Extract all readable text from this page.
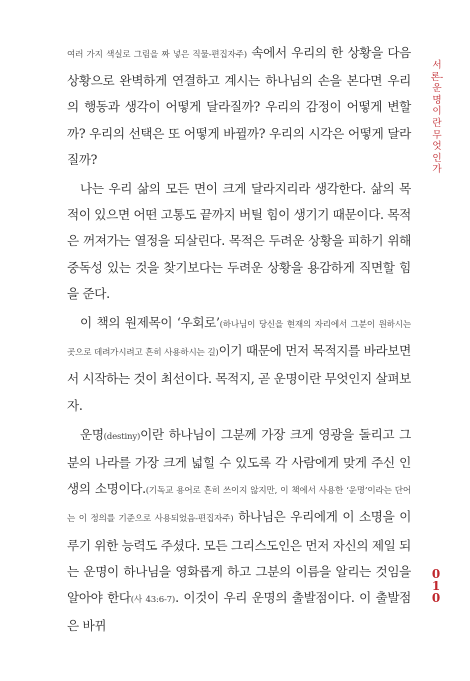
서론-운명이란무엇인가

여러 가지 색실로 그림을 짜 넣은 직물-편집자주) 속에서 우리의 한 상황을 다음 상황으로 완벽하게 연결하고 계시는 하나님의 손을 본다면 우리의 행동과 생각이 어떻게 달라질까? 우리의 감정이 어떻게 변할까? 우리의 선택은 또 어떻게 바뀔까? 우리의 시각은 어떻게 달라질까?

나는 우리 삶의 모든 면이 크게 달라지리라 생각한다. 삶의 목적이 있으면 어떤 고통도 끝까지 버틸 힘이 생기기 때문이다. 목적은 꺼져가는 열정을 되살린다. 목적은 두려운 상황을 피하기 위해 중독성 있는 것을 찾기보다는 두려운 상황을 용감하게 직면할 힘을 준다.

이 책의 원제목이 ‘우회로’(하나님이 당신을 현재의 자리에서 그분이 원하시는 곳으로 데려가시려고 흔히 사용하시는 길)이기 때문에 먼저 목적지를 바라보면서 시작하는 것이 최선이다. 목적지, 곧 운명이란 무엇인지 살펴보자.

운명(destiny)이란 하나님이 그분께 가장 크게 영광을 돌리고 그분의 나라를 가장 크게 넓힐 수 있도록 각 사람에게 맞게 주신 인생의 소명이다.(기독교 용어로 흔히 쓰이지 않지만, 이 책에서 사용한 ‘운명’이라는 단어는 이 정의를 기준으로 사용되었음-편집자주) 하나님은 우리에게 이 소명을 이루기 위한 능력도 주셨다. 모든 그리스도인은 먼저 자신의 제일 되는 운명이 하나님을 영화롭게 하고 그분의 이름을 알리는 것임을 알아야 한다(사 43:6-7). 이것이 우리 운명의 출발점이다. 이 출발점은 바뀌

010
